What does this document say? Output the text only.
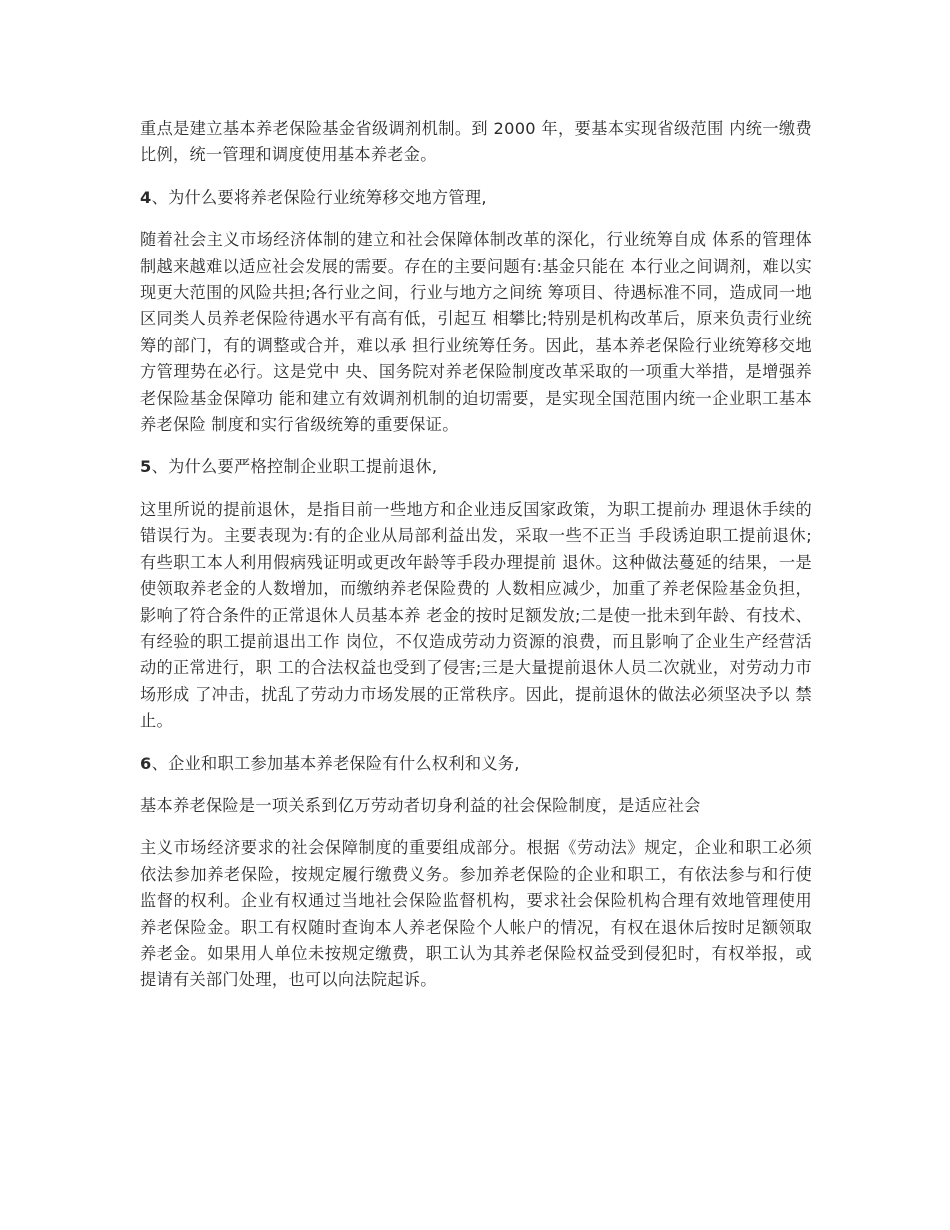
重点是建立基本养老保险基金省级调剂机制。到 2000 年，要基本实现省级范围 内统一缴费比例，统一管理和调度使用基本养老金。

4、为什么要将养老保险行业统筹移交地方管理,

随着社会主义市场经济体制的建立和社会保障体制改革的深化，行业统筹自成 体系的管理体制越来越难以适应社会发展的需要。存在的主要问题有:基金只能在 本行业之间调剂，难以实现更大范围的风险共担;各行业之间，行业与地方之间统 筹项目、待遇标准不同，造成同一地区同类人员养老保险待遇水平有高有低，引起互 相攀比;特别是机构改革后，原来负责行业统筹的部门，有的调整或合并，难以承 担行业统筹任务。因此，基本养老保险行业统筹移交地方管理势在必行。这是党中 央、国务院对养老保险制度改革采取的一项重大举措，是增强养老保险基金保障功 能和建立有效调剂机制的迫切需要，是实现全国范围内统一企业职工基本养老保险 制度和实行省级统筹的重要保证。

5、为什么要严格控制企业职工提前退休,

这里所说的提前退休，是指目前一些地方和企业违反国家政策，为职工提前办 理退休手续的错误行为。主要表现为:有的企业从局部利益出发，采取一些不正当 手段诱迫职工提前退休;有些职工本人利用假病残证明或更改年龄等手段办理提前 退休。这种做法蔓延的结果，一是使领取养老金的人数增加，而缴纳养老保险费的 人数相应减少，加重了养老保险基金负担，影响了符合条件的正常退休人员基本养 老金的按时足额发放;二是使一批未到年龄、有技术、有经验的职工提前退出工作 岗位，不仅造成劳动力资源的浪费，而且影响了企业生产经营活动的正常进行，职 工的合法权益也受到了侵害;三是大量提前退休人员二次就业，对劳动力市场形成 了冲击，扰乱了劳动力市场发展的正常秩序。因此，提前退休的做法必须坚决予以 禁止。

6、企业和职工参加基本养老保险有什么权利和义务,

基本养老保险是一项关系到亿万劳动者切身利益的社会保险制度，是适应社会

主义市场经济要求的社会保障制度的重要组成部分。根据《劳动法》规定，企业和职工必须依法参加养老保险，按规定履行缴费义务。参加养老保险的企业和职工，有依法参与和行使监督的权利。企业有权通过当地社会保险监督机构，要求社会保险机构合理有效地管理使用养老保险金。职工有权随时查询本人养老保险个人帐户的情况，有权在退休后按时足额领取养老金。如果用人单位未按规定缴费，职工认为其养老保险权益受到侵犯时，有权举报，或提请有关部门处理，也可以向法院起诉。
